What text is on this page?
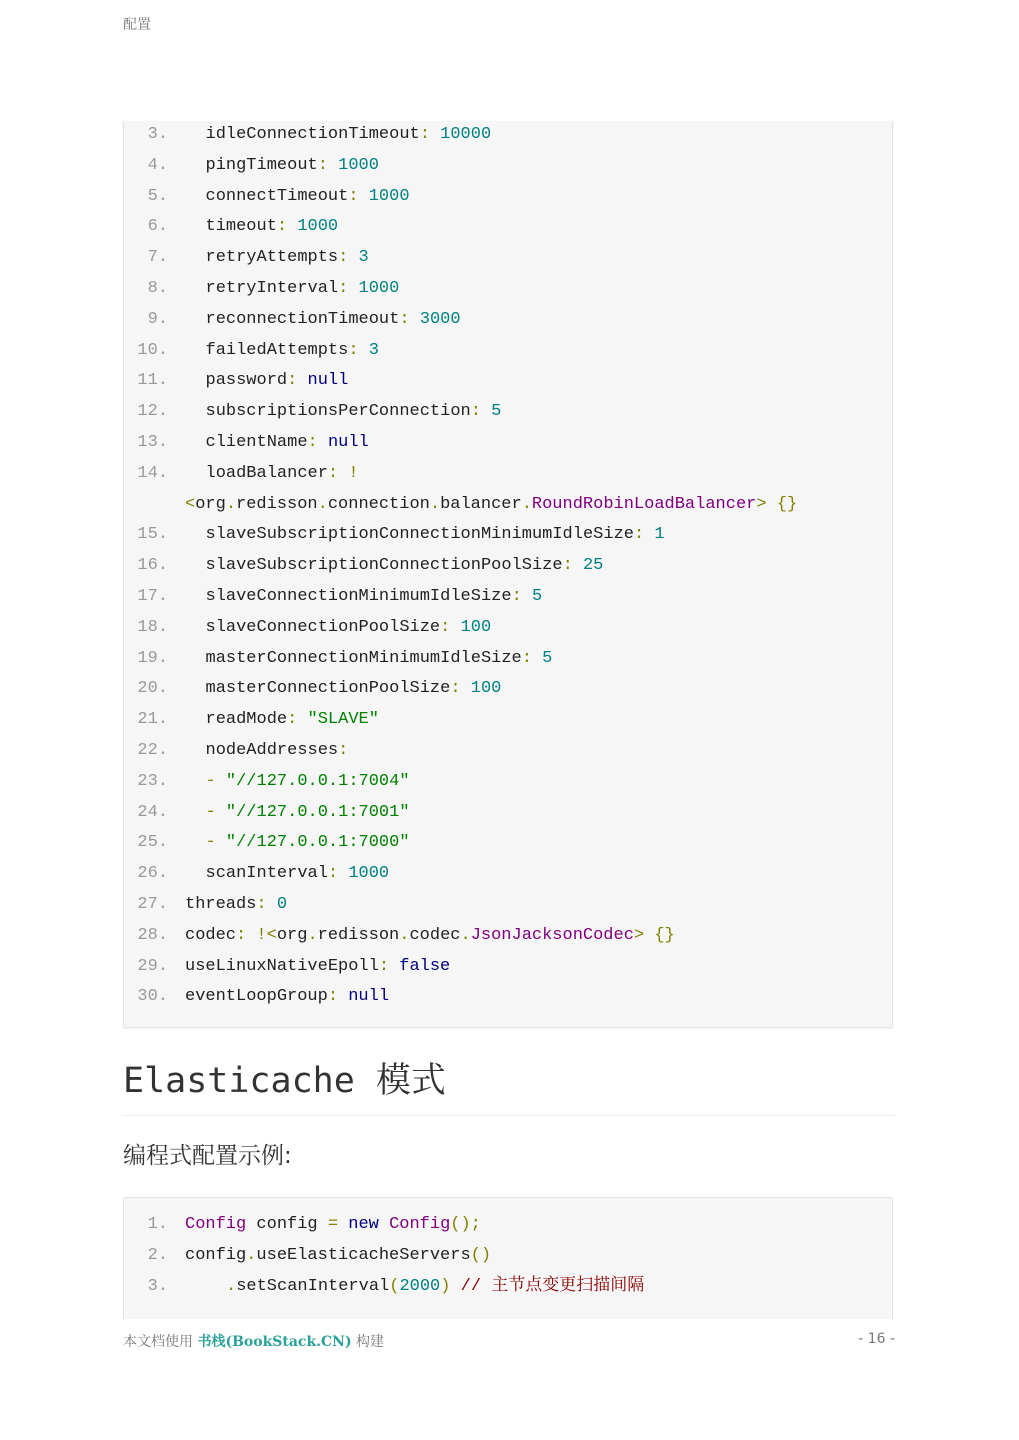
配置
3. idleConnectionTimeout: 10000
4. pingTimeout: 1000
5. connectTimeout: 1000
6. timeout: 1000
7. retryAttempts: 3
8. retryInterval: 1000
9. reconnectionTimeout: 3000
10. failedAttempts: 3
11. password: null
12. subscriptionsPerConnection: 5
13. clientName: null
14. loadBalancer: !
<org.redisson.connection.balancer.RoundRobinLoadBalancer> {}
15. slaveSubscriptionConnectionMinimumIdleSize: 1
16. slaveSubscriptionConnectionPoolSize: 25
17. slaveConnectionMinimumIdleSize: 5
18. slaveConnectionPoolSize: 100
19. masterConnectionMinimumIdleSize: 5
20. masterConnectionPoolSize: 100
21. readMode: "SLAVE"
22. nodeAddresses:
23. - "//127.0.0.1:7004"
24. - "//127.0.0.1:7001"
25. - "//127.0.0.1:7000"
26. scanInterval: 1000
27. threads: 0
28. codec: !<org.redisson.codec.JsonJacksonCodec> {}
29. useLinuxNativeEpoll: false
30. eventLoopGroup: null
Elasticache 模式
编程式配置示例:
1. Config config = new Config();
2. config.useElasticacheServers()
3.	.setScanInterval(2000) // 主节点变更扫描间隔
本文档使用 书栈(BookStack.CN) 构建	- 16 -
